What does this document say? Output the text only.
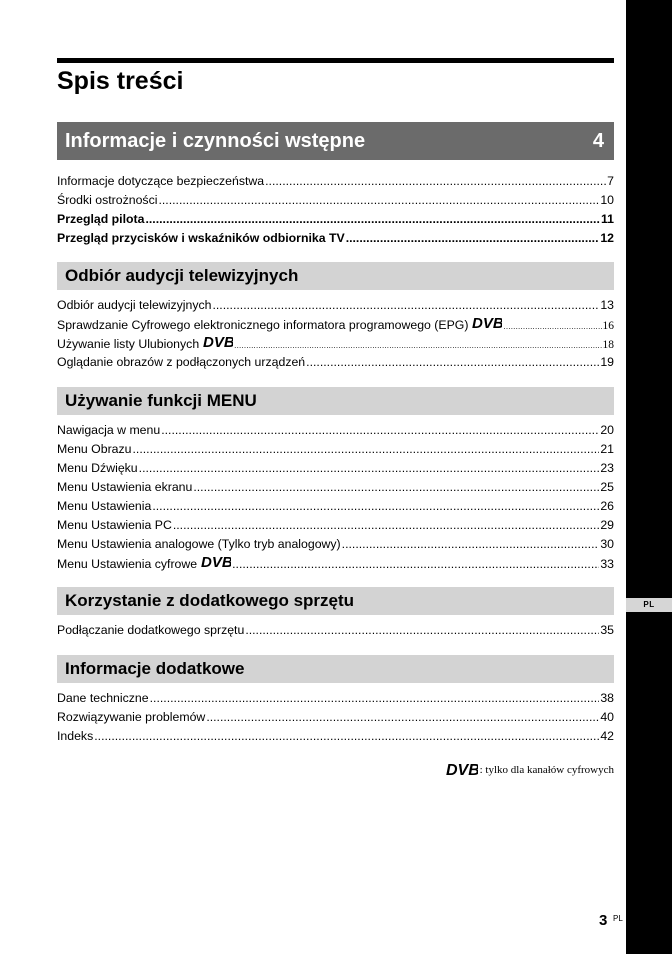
PL
Spis treści
Informacje i czynności wstępne	4
Informacje dotyczące bezpieczeństwa .....	7
Środki ostrożności .....	10
Przegląd pilota .....	11
Przegląd przycisków i wskaźników odbiornika TV .....	12
Odbiór audycji telewizyjnych
Odbiór audycji telewizyjnych .....	13
Sprawdzanie Cyfrowego elektronicznego informatora programowego (EPG) DVB .....	16
Używanie listy Ulubionych DVB .....	18
Oglądanie obrazów z podłączonych urządzeń .....	19
Używanie funkcji MENU
Nawigacja w menu .....	20
Menu Obrazu .....	21
Menu Dźwięku .....	23
Menu Ustawienia ekranu .....	25
Menu Ustawienia .....	26
Menu Ustawienia PC .....	29
Menu Ustawienia analogowe (Tylko tryb analogowy) .....	30
Menu Ustawienia cyfrowe DVB .....	33
Korzystanie z dodatkowego sprzętu
Podłączanie dodatkowego sprzętu .....	35
Informacje dodatkowe
Dane techniczne .....	38
Rozwiązywanie problemów .....	40
Indeks .....	42
DVB : tylko dla kanałów cyfrowych
3 PL
